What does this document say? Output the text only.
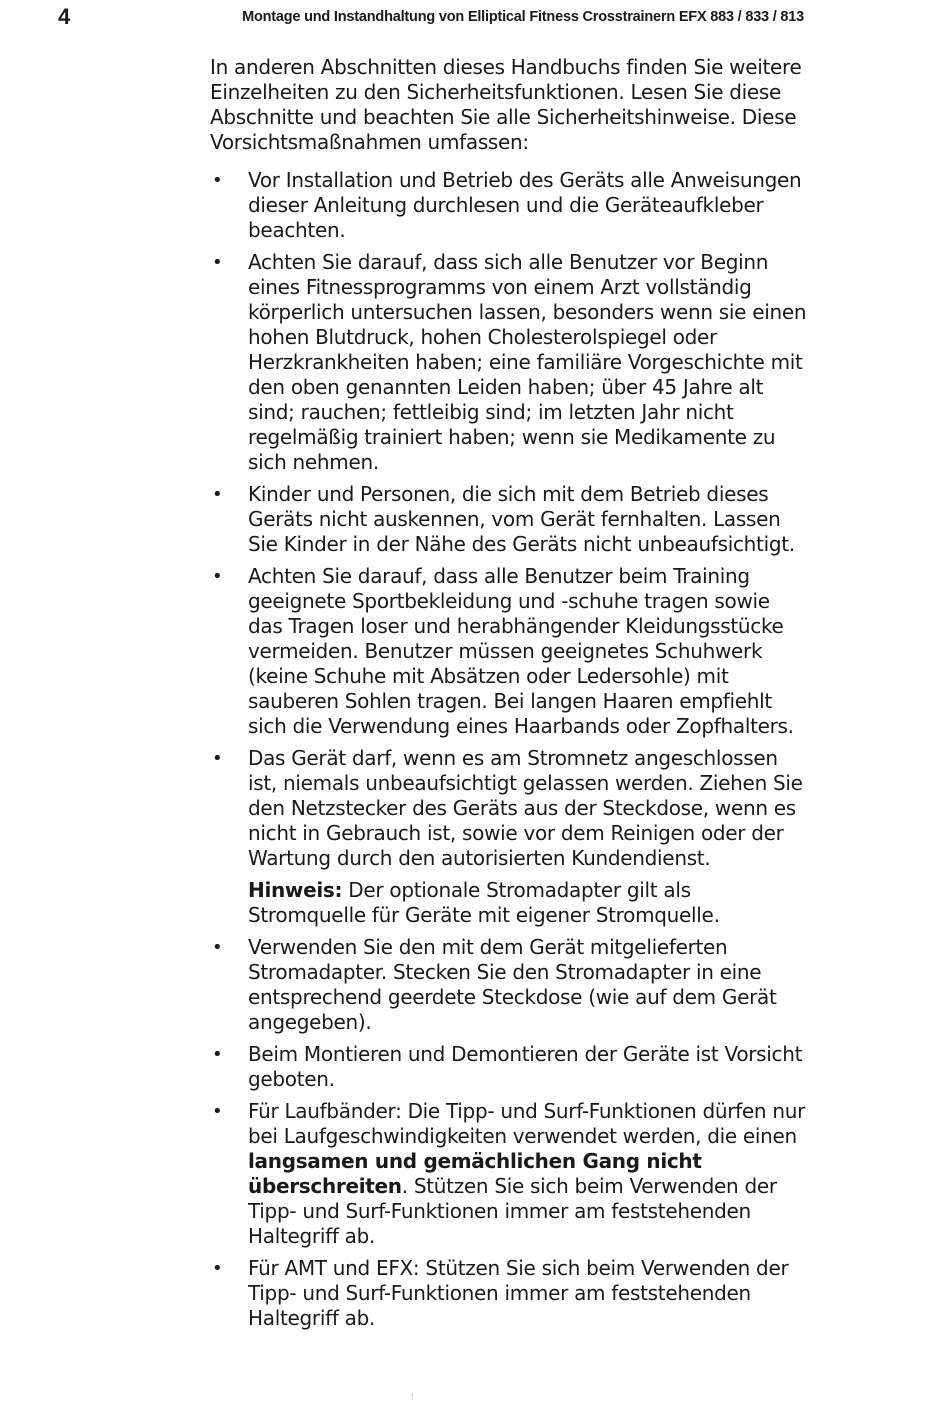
4	Montage und Instandhaltung von Elliptical Fitness Crosstrainern EFX 883 / 833 / 813

In anderen Abschnitten dieses Handbuchs finden Sie weitere Einzelheiten zu den Sicherheitsfunktionen. Lesen Sie diese Abschnitte und beachten Sie alle Sicherheitshinweise. Diese Vorsichtsmaßnahmen umfassen:

• Vor Installation und Betrieb des Geräts alle Anweisungen dieser Anleitung durchlesen und die Geräteaufkleber beachten.
• Achten Sie darauf, dass sich alle Benutzer vor Beginn eines Fitnessprogramms von einem Arzt vollständig körperlich untersuchen lassen, besonders wenn sie einen hohen Blutdruck, hohen Cholesterolspiegel oder Herzkrankheiten haben; eine familiäre Vorgeschichte mit den oben genannten Leiden haben; über 45 Jahre alt sind; rauchen; fettleibig sind; im letzten Jahr nicht regelmäßig trainiert haben; wenn sie Medikamente zu sich nehmen.
• Kinder und Personen, die sich mit dem Betrieb dieses Geräts nicht auskennen, vom Gerät fernhalten. Lassen Sie Kinder in der Nähe des Geräts nicht unbeaufsichtigt.
• Achten Sie darauf, dass alle Benutzer beim Training geeignete Sportbekleidung und -schuhe tragen sowie das Tragen loser und herabhängender Kleidungsstücke vermeiden. Benutzer müssen geeignetes Schuhwerk (keine Schuhe mit Absätzen oder Ledersohle) mit sauberen Sohlen tragen. Bei langen Haaren empfiehlt sich die Verwendung eines Haarbands oder Zopfhalters.
• Das Gerät darf, wenn es am Stromnetz angeschlossen ist, niemals unbeaufsichtigt gelassen werden. Ziehen Sie den Netzstecker des Geräts aus der Steckdose, wenn es nicht in Gebrauch ist, sowie vor dem Reinigen oder der Wartung durch den autorisierten Kundendienst.
Hinweis: Der optionale Stromadapter gilt als Stromquelle für Geräte mit eigener Stromquelle.
• Verwenden Sie den mit dem Gerät mitgelieferten Stromadapter. Stecken Sie den Stromadapter in eine entsprechend geerdete Steckdose (wie auf dem Gerät angegeben).
• Beim Montieren und Demontieren der Geräte ist Vorsicht geboten.
• Für Laufbänder: Die Tipp- und Surf-Funktionen dürfen nur bei Laufgeschwindigkeiten verwendet werden, die einen langsamen und gemächlichen Gang nicht überschreiten. Stützen Sie sich beim Verwenden der Tipp- und Surf-Funktionen immer am feststehenden Haltegriff ab.
• Für AMT und EFX: Stützen Sie sich beim Verwenden der Tipp- und Surf-Funktionen immer am feststehenden Haltegriff ab.
⁝
